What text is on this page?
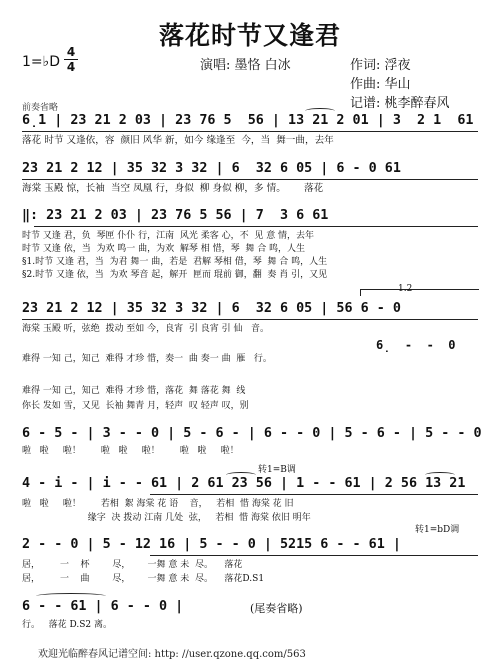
落花时节又逢君
1=♭D
4
4	演唱: 墨恪 白冰	作词: 浮夜
作曲: 华山
记谱: 桃李醉春风
前奏省略
6̣1 | 23 21 2 03 | 23 76 5  56 | 13 21 2 01 | 3  2 1  61
落花 时节 又逢依，容  颜旧 风华 新，如今 缘逢至  今，当  舞一曲，去年
23 21 2 12 | 35 32 3 32 | 6  32 6 05 | 6 - 0 61
海棠 玉殿 惊，长袖  当空 凤凰 行，身似  柳 身似 柳，多 情。      落花
‖: 23 21 2 03 | 23 76 5 56 | 7  3 6 61
时节 又逢 君，负  琴匣 仆仆 行，江南  风光 柔客 心，不  见 意 情，去年
时节 又逢 依，当  为欢 鸣一 曲，为欢  解琴 相 惜，琴  舞 合 鸣，人生
§1.时节 又逢 君，当  为君 舞一 曲，若是  君解 琴相 借，琴  舞 合 鸣，人生
§2.时节 又逢 依，当  为欢 琴音 起，解开  匣而 琨前 御，翻  奏 肖 引，又见
1.2
23 21 2 12 | 35 32 3 32 | 6  32 6 05 | 56 6 - 0
海棠 玉殿 听，弦绝  拨动 至如 今，良宵  引 良宵 引 仙   音。
6̣  -  -  0
难得 一知 己，知己  难得 才珍 惜，奏一  曲 奏一 曲  雁   行。
难得 一知 己，知己  难得 才珍 惜，落花  舞 落花 舞  线
你长 发如 雪，又见  长袖 舞青 月，轻声  叹 轻声 叹，别
6 - 5 - | 3 - - 0 | 5 - 6 - | 6 - - 0 | 5 - 6 - | 5 - - 0
啦   啦     啦！       啦   啦     啦！       啦   啦     啦！
转1=B调
4 - i - | i - - 61 | 2 61 23 56 | 1 - - 61 | 2 56 13 21
啦   啦     啦！       若相  絮 海棠 花 语    音，   若相  惜 海棠 花 旧
缘字  决 拨动 江南 几处  弦，   若相  惜 海棠 依旧 明年
转1=bD调
2 - - 0 | 5 - 12 16 | 5 - - 0 | 5215 6 - - 61 |
居，       一    杯        尽，      一舞 意 未  尽。    落花
居，       一    曲        尽，      一舞 意 未  尽。    落花D.S1
6 - - 61 | 6 - - 0 |	(尾奏省略)
行。   落花 D.S2 离。
欢迎光临醉春风记谱空间: http: //user.qzone.qq.com/563
